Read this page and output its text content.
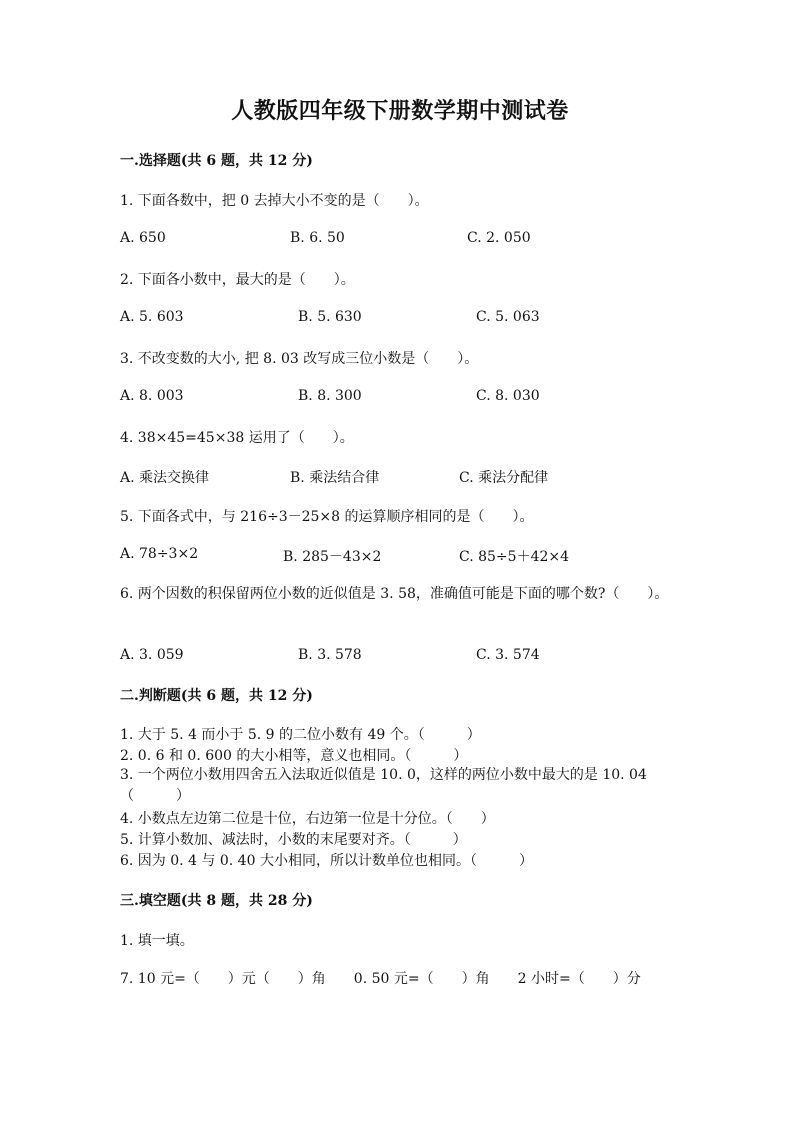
人教版四年级下册数学期中测试卷
一.选择题(共 6 题，共 12 分)
1. 下面各数中，把 0 去掉大小不变的是（　　）。
A. 650	B. 6. 50	C. 2. 050
2. 下面各小数中，最大的是（　　）。
A. 5. 603	B. 5. 630	C. 5. 063
3. 不改变数的大小, 把 8. 03 改写成三位小数是（　　）。
A. 8. 003	B. 8. 300	C. 8. 030
4. 38×45=45×38 运用了（　　）。
A. 乘法交换律	B. 乘法结合律	C. 乘法分配律
5. 下面各式中，与 216÷3－25×8 的运算顺序相同的是（　　）。
A. 78÷3×2	B. 285－43×2	C. 85÷5＋42×4
6. 两个因数的积保留两位小数的近似值是 3. 58，准确值可能是下面的哪个数?（　　）。
A. 3. 059	B. 3. 578	C. 3. 574
二.判断题(共 6 题，共 12 分)
1. 大于 5. 4 而小于 5. 9 的二位小数有 49 个。（　　　）
2. 0. 6 和 0. 600 的大小相等，意义也相同。（　　　）
3. 一个两位小数用四舍五入法取近似值是 10. 0，这样的两位小数中最大的是 10. 04（　　　）
4. 小数点左边第二位是十位，右边第一位是十分位。（　　）
5. 计算小数加、减法时，小数的末尾要对齐。（　　　）
6. 因为 0. 4 与 0. 40 大小相同，所以计数单位也相同。（　　　）
三.填空题(共 8 题，共 28 分)
1. 填一填。
7. 10 元=（　　）元（　　）角　　0. 50 元=（　　）角　　2 小时=（　　）分
